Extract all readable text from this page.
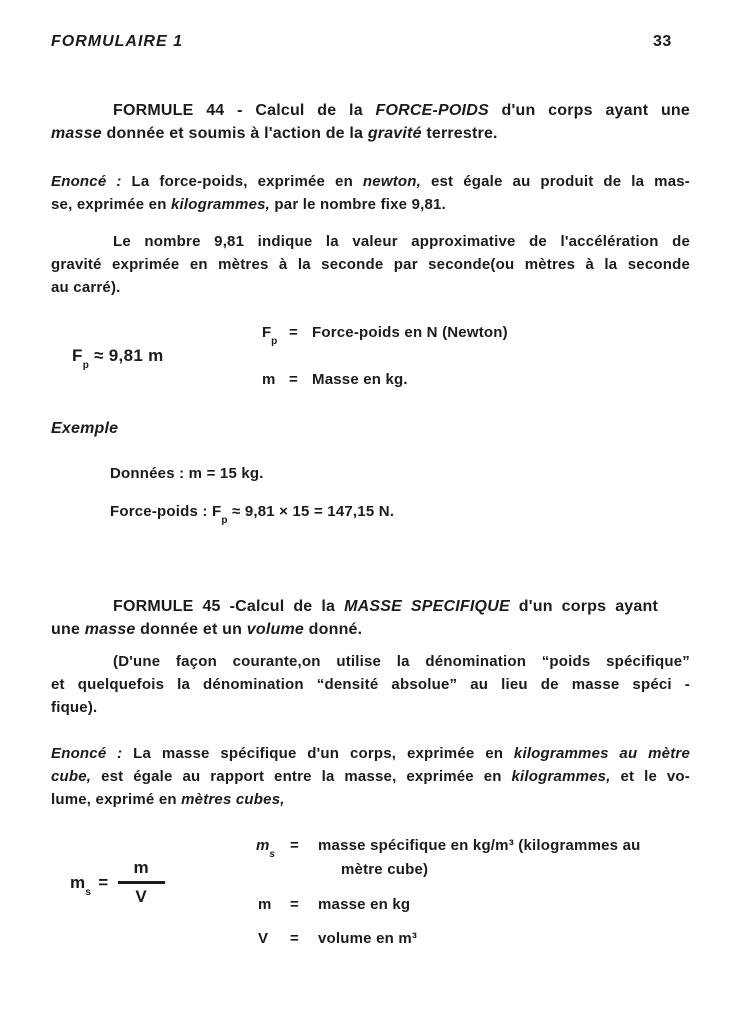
FORMULAIRE 1	33
FORMULE 44 - Calcul de la FORCE-POIDS d'un corps ayant une
masse donnée et soumis à l'action de la gravité terrestre.
Enoncé : La force-poids, exprimée en newton, est égale au produit de la mas-
se, exprimée en kilogrammes, par le nombre fixe 9,81.
Le nombre 9,81 indique la valeur approximative de l'accélération de
gravité exprimée en mètres à la seconde par seconde(ou mètres à la seconde
au carré).
$F_p$
= Force-poids en N (Newton)
$F_p \approx 9,81$ m
m = Masse en kg.
Exemple
Données : m = 15 kg.
Force-poids : $F_p \approx 9,81 \times 15 = 147,15$ N.
FORMULE 45 -Calcul de la MASSE SPECIFIQUE d'un corps ayant
une masse donnée et un volume donné.
(D'une façon courante,on utilise la dénomination “poids spécifique”
et quelquefois la dénomination “densité absolue” au lieu de masse spéci -
fique).
Enoncé : La masse spécifique d'un corps, exprimée en kilogrammes au mètre
cube, est égale au rapport entre la masse, exprimée en kilogrammes, et le vo-
lume, exprimé en mètres cubes,
$m_s$
= masse spécifique en kg/m³ (kilogrammes au
mètre cube)
$m_s$
= $\frac{m}{V}$	m = masse en kg
V = volume en m³
